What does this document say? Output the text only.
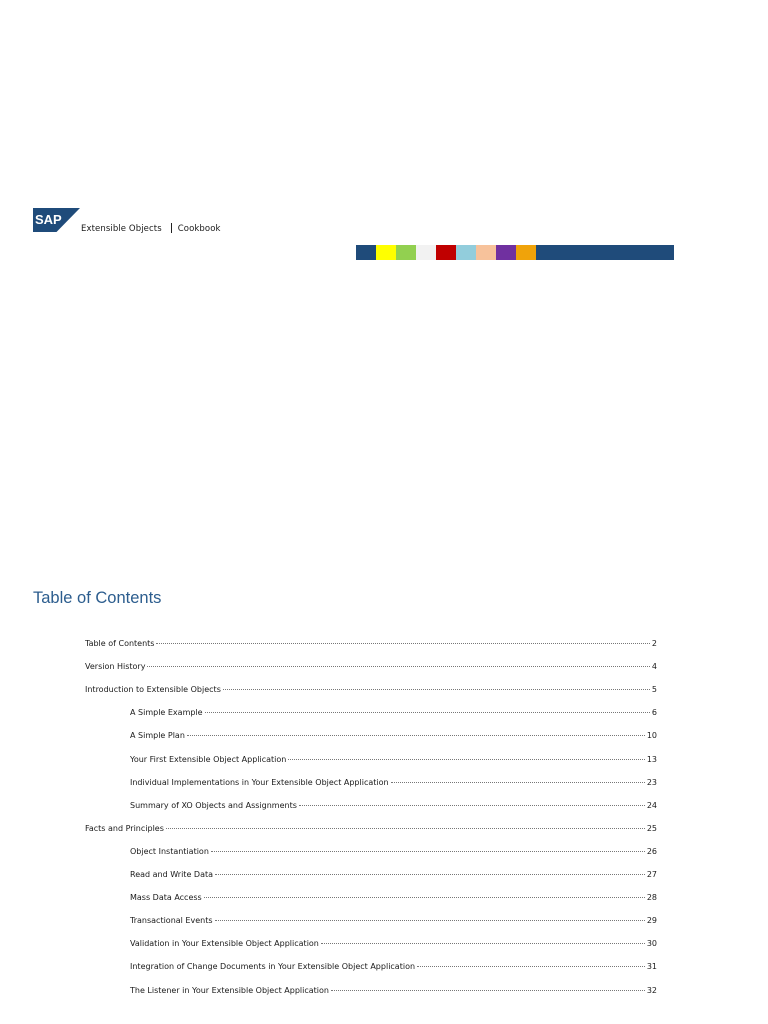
SAP
Extensible Objects Cookbook
Table of Contents
Table of Contents	2
Version History	4
Introduction to Extensible Objects	5
A Simple Example	6
A Simple Plan	10
Your First Extensible Object Application	13
Individual Implementations in Your Extensible Object Application	23
Summary of XO Objects and Assignments	24
Facts and Principles	25
Object Instantiation	26
Read and Write Data	27
Mass Data Access	28
Transactional Events	29
Validation in Your Extensible Object Application	30
Integration of Change Documents in Your Extensible Object Application	31
The Listener in Your Extensible Object Application	32
